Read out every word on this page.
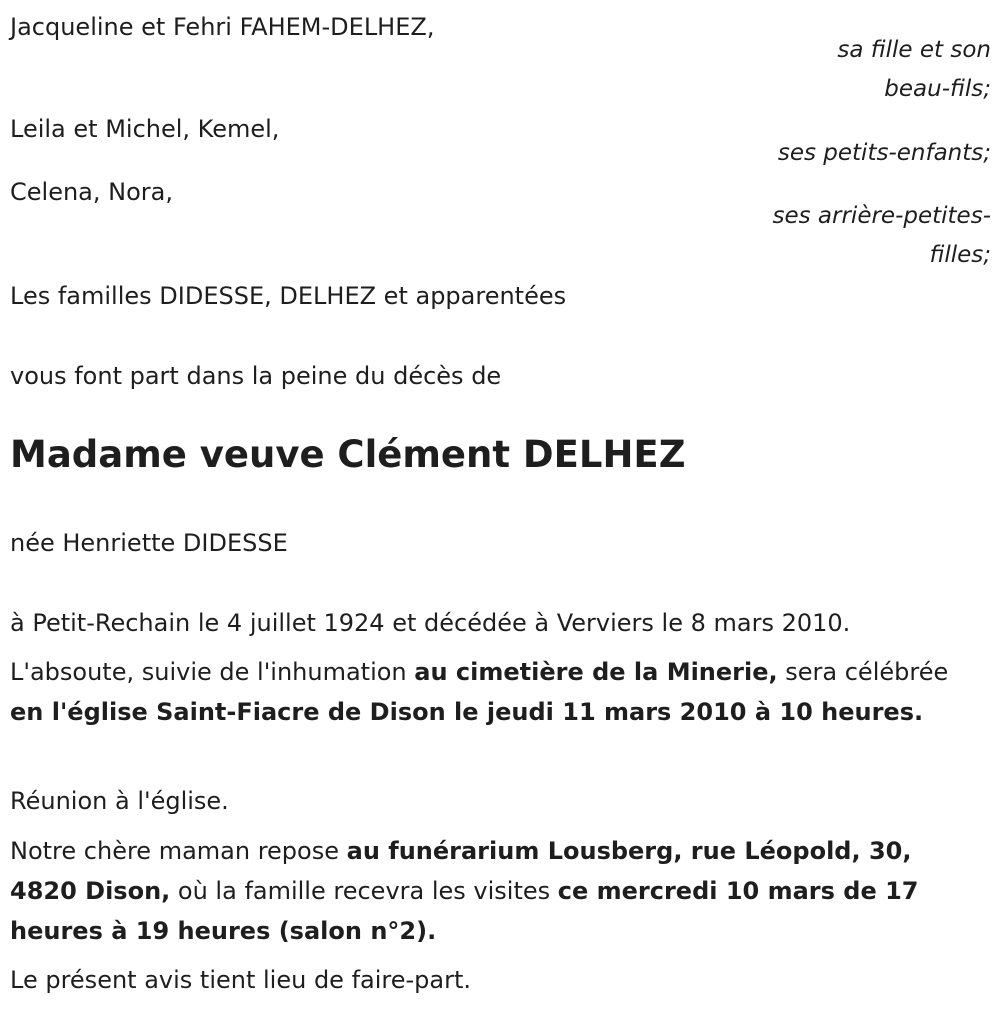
Jacqueline et Fehri FAHEM-DELHEZ,
sa fille et son
beau-fils;
Leila et Michel, Kemel,
ses petits-enfants;
Celena, Nora,
ses arrière-petites-
filles;
Les familles DIDESSE, DELHEZ et apparentées
vous font part dans la peine du décès de
Madame veuve Clément DELHEZ
née Henriette DIDESSE
à Petit-Rechain le 4 juillet 1924 et décédée à Verviers le 8 mars 2010.
L'absoute, suivie de l'inhumation au cimetière de la Minerie, sera célébrée en l'église Saint-Fiacre de Dison le jeudi 11 mars 2010 à 10 heures.
Réunion à l'église.
Notre chère maman repose au funérarium Lousberg, rue Léopold, 30, 4820 Dison, où la famille recevra les visites ce mercredi 10 mars de 17 heures à 19 heures (salon n°2).
Le présent avis tient lieu de faire-part.
